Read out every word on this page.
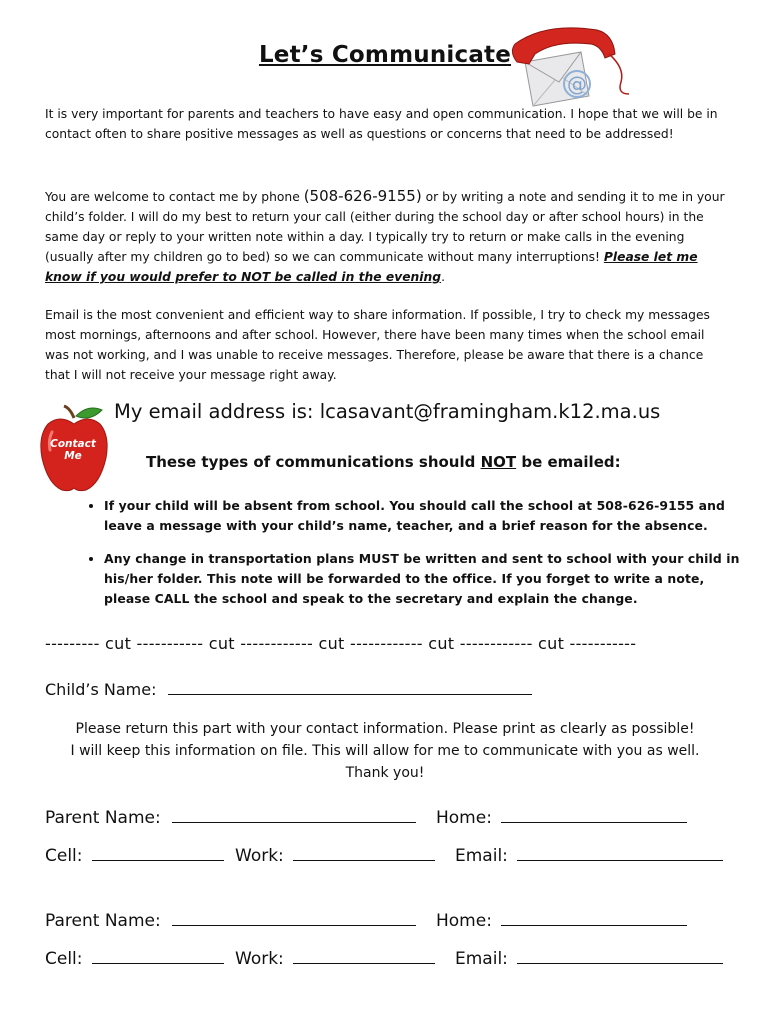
Let’s Communicate
@
It is very important for parents and teachers to have easy and open communication. I hope that we will be in contact often to share positive messages as well as questions or concerns that need to be addressed!
You are welcome to contact me by phone (508-626-9155) or by writing a note and sending it to me in your child’s folder. I will do my best to return your call (either during the school day or after school hours) in the same day or reply to your written note within a day. I typically try to return or make calls in the evening (usually after my children go to bed) so we can communicate without many interruptions! Please let me know if you would prefer to NOT be called in the evening.
Email is the most convenient and efficient way to share information. If possible, I try to check my messages most mornings, afternoons and after school. However, there have been many times when the school email was not working, and I was unable to receive messages. Therefore, please be aware that there is a chance that I will not receive your message right away.
Contact Me
My email address is: lcasavant@framingham.k12.ma.us
These types of communications should NOT be emailed:
• If your child will be absent from school. You should call the school at 508-626-9155 and leave a message with your child’s name, teacher, and a brief reason for the absence.
• Any change in transportation plans MUST be written and sent to school with your child in his/her folder. This note will be forwarded to the office. If you forget to write a note, please CALL the school and speak to the secretary and explain the change.
--------- cut ----------- cut ------------ cut ------------ cut ------------ cut -----------
Child’s Name:
Please return this part with your contact information. Please print as clearly as possible!
I will keep this information on file. This will allow for me to communicate with you as well.
Thank you!
Parent Name:	Home:
Cell:	Work:	Email:
Parent Name:	Home:
Cell:	Work:	Email:
